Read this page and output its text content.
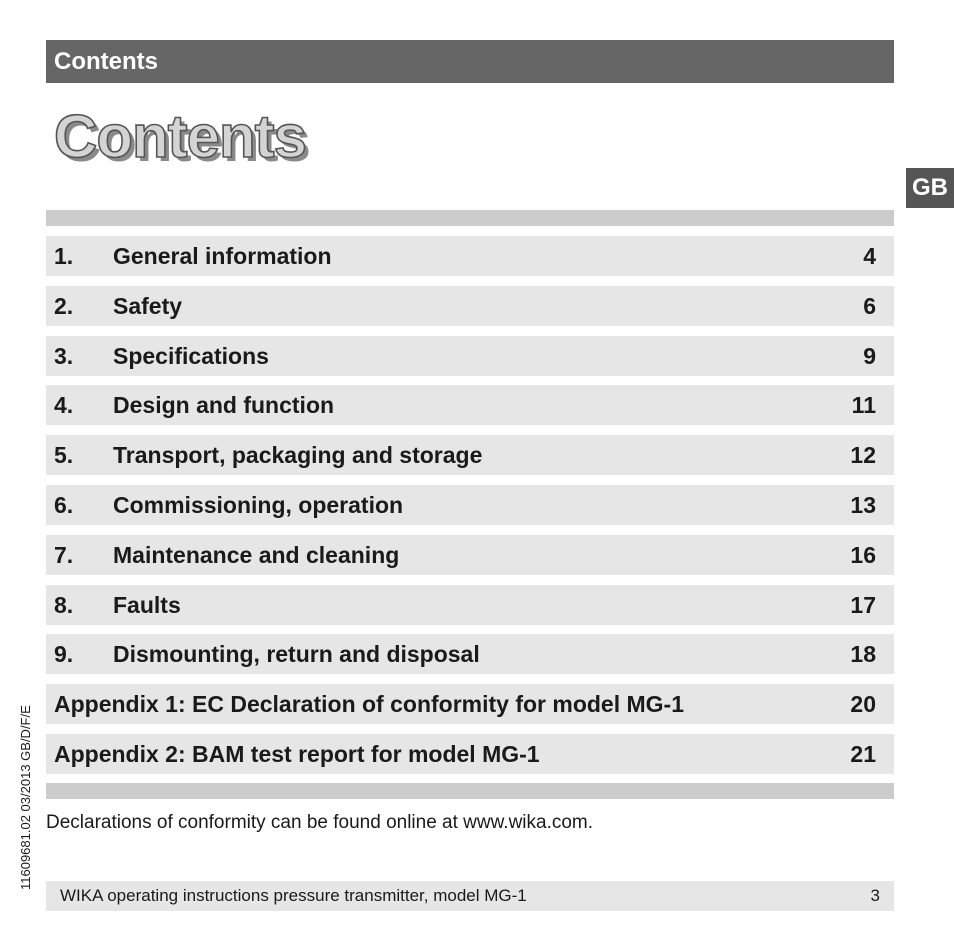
Contents
Contents
GB
1. General information	4
2. Safety	6
3. Specifications	9
4. Design and function	11
5. Transport, packaging and storage	12
6. Commissioning, operation	13
7. Maintenance and cleaning	16
8. Faults	17
9. Dismounting, return and disposal	18
Appendix 1: EC Declaration of conformity for model MG-1	20
Appendix 2: BAM test report for model MG-1	21
Declarations of conformity can be found online at www.wika.com.
WIKA operating instructions pressure transmitter, model MG-1	3
11609681.02 03/2013 GB/D/F/E
